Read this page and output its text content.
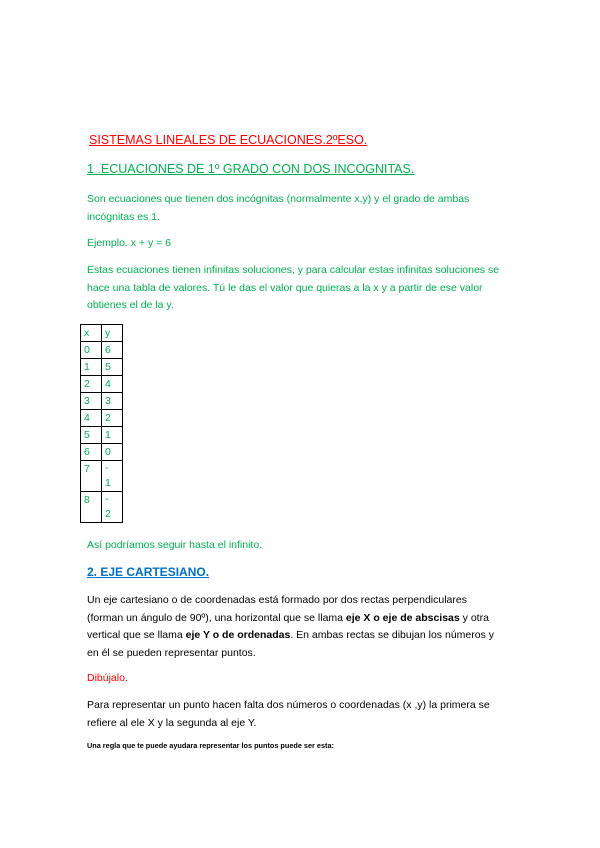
SISTEMAS LINEALES DE ECUACIONES.2ºESO.
1 .ECUACIONES DE 1º GRADO CON DOS INCOGNITAS.
Son ecuaciones que tienen dos incógnitas (normalmente x,y) y el grado de ambas
incógnitas es 1.
Ejemplo. x + y = 6
Estas ecuaciones tienen infinitas soluciones, y para calcular estas infinitas soluciones se
hace una tabla de valores. Tú le das el valor que quieras a la x y a partir de ese valor
obtienes el de la y.
x	y
0	6
1	5
2	4
3	3
4	2
5	1
6	0
7	-
1

8	-
2
Así podríamos seguir hasta el infinito.
2. EJE CARTESIANO.
Un eje cartesiano o de coordenadas está formado por dos rectas perpendiculares
(forman un ángulo de 90º), una horizontal que se llama eje X o eje de abscisas y otra
vertical que se llama eje Y o de ordenadas. En ambas rectas se dibujan los números y
en él se pueden representar puntos.
Dibújalo.
Para representar un punto hacen falta dos números o coordenadas (x ,y) la primera se
refiere al ele X y la segunda al eje Y.
Una regla que te puede ayudara representar los puntos puede ser esta:
